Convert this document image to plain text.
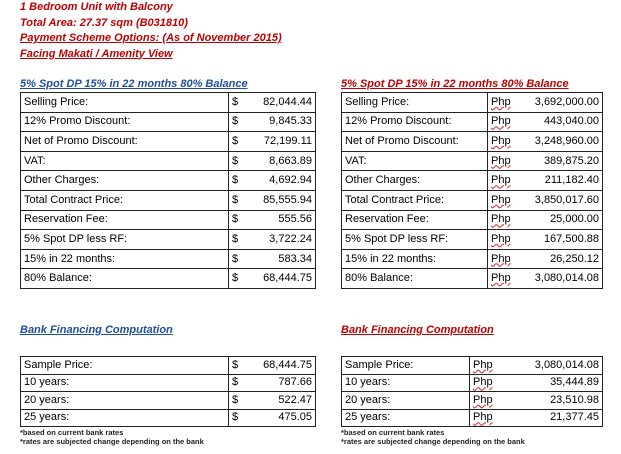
1 Bedroom Unit with Balcony
Total Area: 27.37 sqm (B031810)
Payment Scheme Options: (As of November 2015)
Facing Makati / Amenity View
5% Spot DP 15% in 22 months 80% Balance
Selling Price:	$ 82,044.44
12% Promo Discount:	$ 9,845.33
Net of Promo Discount:	$ 72,199.11
VAT:	$ 8,663.89
Other Charges:	$ 4,692.94
Total Contract Price:	$ 85,555.94
Reservation Fee:	$ 555.56
5% Spot DP less RF:	$ 3,722.24
15% in 22 months:	$ 583.34
80% Balance:	$ 68,444.75
Bank Financing Computation
Sample Price:	$ 68,444.75
10 years:	$ 787.66
20 years:	$ 522.47
25 years:	$ 475.05
*based on current bank rates
*rates are subjected change depending on the bank
5% Spot DP 15% in 22 months 80% Balance
Selling Price:	Php 3,692,000.00
12% Promo Discount:	Php 443,040.00
Net of Promo Discount:	Php 3,248,960.00
VAT:	Php 389,875.20
Other Charges:	Php 211,182.40
Total Contract Price:	Php 3,850,017.60
Reservation Fee:	Php 25,000.00
5% Spot DP less RF:	Php 167,500.88
15% in 22 months:	Php 26,250.12
80% Balance:	Php 3,080,014.08
Bank Financing Computation
Sample Price:	Php 3,080,014.08
10 years:	Php 35,444.89
20 years:	Php 23,510.98
25 years:	Php 21,377.45
*based on current bank rates
*rates are subjected change depending on the bank
